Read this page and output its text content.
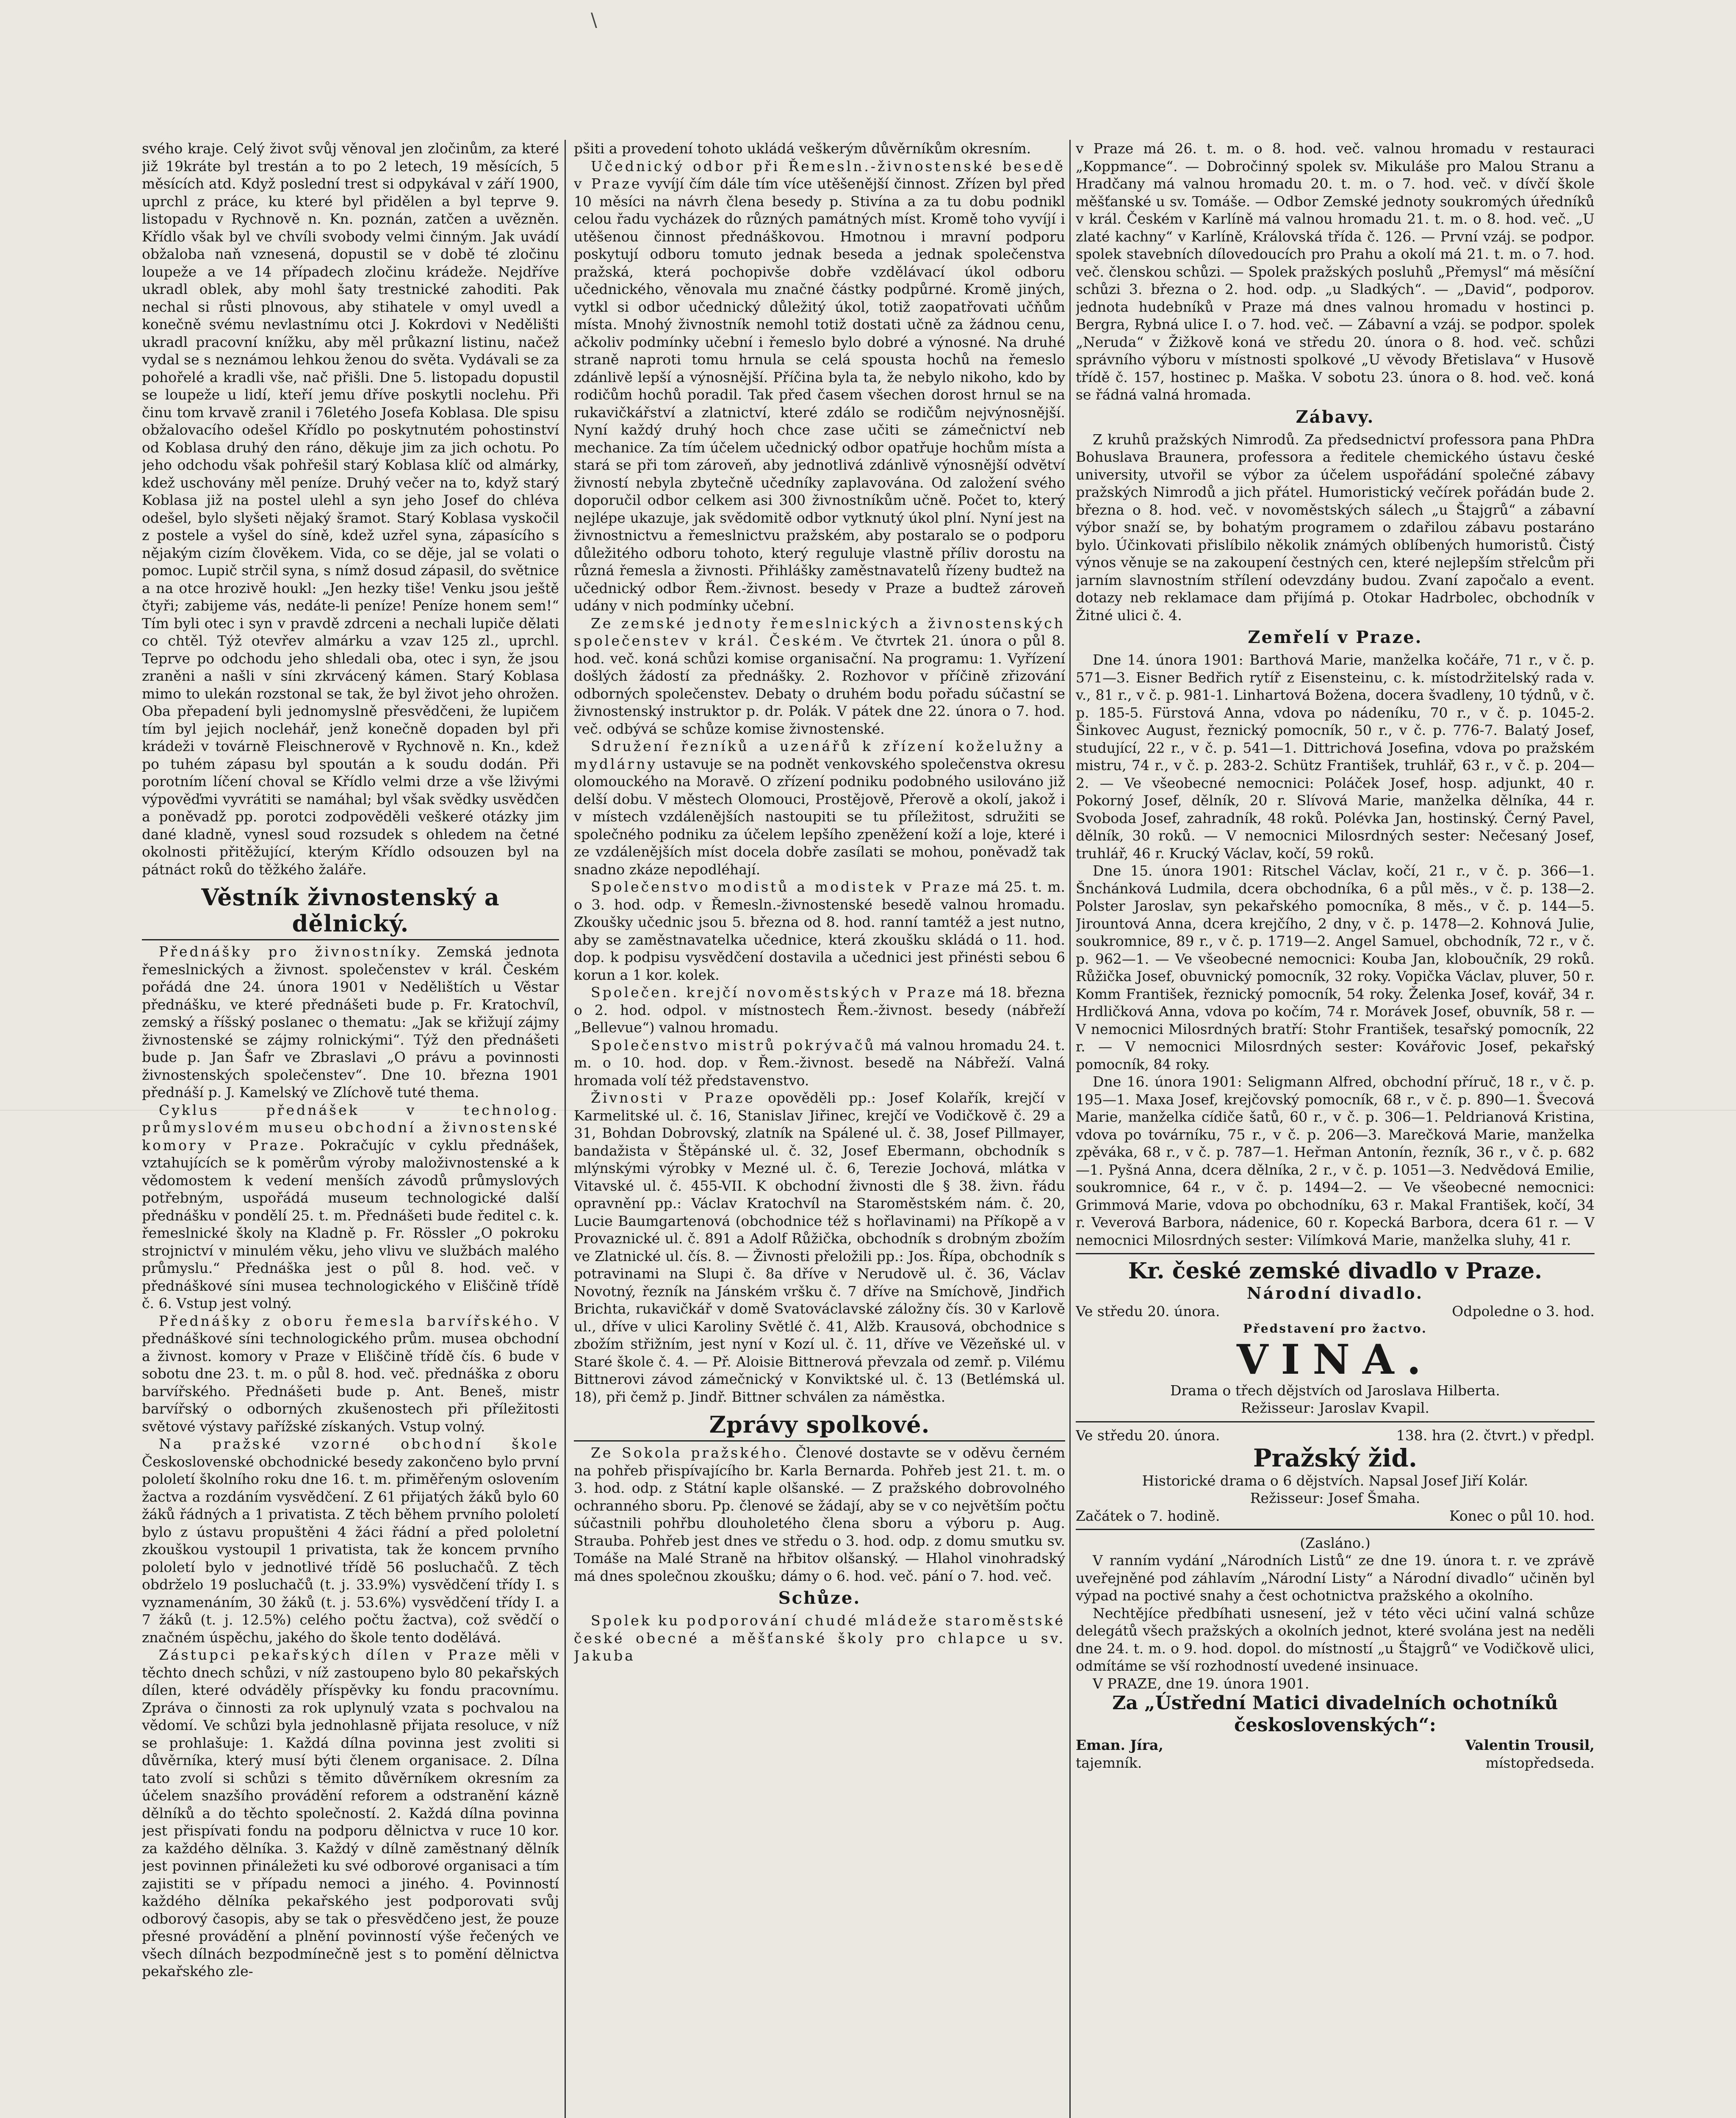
\

svého kraje. Celý život svůj věnoval jen zločinům, za které již 19kráte byl trestán a to po 2 letech, 19 měsících, 5 měsících atd. Když poslední trest si odpykával v září 1900, uprchl z práce, ku které byl přidělen a byl teprve 9. listopadu v Rychnově n. Kn. poznán, zatčen a uvězněn. Křídlo však byl ve chvíli svobody velmi činným. Jak uvádí obžaloba naň vznesená, dopustil se v době té zločinu loupeže a ve 14 případech zločinu krádeže. Nejdříve ukradl oblek, aby mohl šaty trestnické zahoditi. Pak nechal si růsti plnovous, aby stihatele v omyl uvedl a konečně svému nevlastnímu otci J. Kokrdovi v Nedělišti ukradl pracovní knížku, aby měl průkazní listinu, načež vydal se s neznámou lehkou ženou do světa. Vydávali se za pohořelé a kradli vše, nač přišli. Dne 5. listopadu dopustil se loupeže u lidí, kteří jemu dříve poskytli noclehu. Při činu tom krvavě zranil i 76letého Josefa Koblasa. Dle spisu obžalovacího odešel Křídlo po poskytnutém pohostinství od Koblasa druhý den ráno, děkuje jim za jich ochotu. Po jeho odchodu však pohřešil starý Koblasa klíč od almárky, kdež uschovány měl peníze. Druhý večer na to, když starý Koblasa již na postel ulehl a syn jeho Josef do chléva odešel, bylo slyšeti nějaký šramot. Starý Koblasa vyskočil z postele a vyšel do síně, kdež uzřel syna, zápasícího s nějakým cizím člověkem. Vida, co se děje, jal se volati o pomoc. Lupič strčil syna, s nímž dosud zápasil, do světnice a na otce hrozivě houkl: „Jen hezky tiše! Venku jsou ještě čtyři; zabijeme vás, nedáte-li peníze! Peníze honem sem!“ Tím byli otec i syn v pravdě zdrceni a nechali lupiče dělati co chtěl. Týž otevřev almárku a vzav 125 zl., uprchl. Teprve po odchodu jeho shledali oba, otec i syn, že jsou zraněni a našli v síni zkrvácený kámen. Starý Koblasa mimo to ulekán rozstonal se tak, že byl život jeho ohrožen. Oba přepadení byli jednomyslně přesvědčeni, že lupičem tím byl jejich noclehář, jenž konečně dopaden byl při krádeži v továrně Fleischnerově v Rychnově n. Kn., kdež po tuhém zápasu byl spoután a k soudu dodán. Při porotním líčení choval se Křídlo velmi drze a vše lživými výpověďmi vyvrátiti se namáhal; byl však svědky usvědčen a poněvadž pp. porotci zodpověděli veškeré otázky jim dané kladně, vynesl soud rozsudek s ohledem na četné okolnosti přitěžující, kterým Křídlo odsouzen byl na pátnáct roků do těžkého žaláře.

Věstník živnostenský a dělnický.

Přednášky pro živnostníky. Zemská jednota řemeslnických a živnost. společenstev v král. Českém pořádá dne 24. února 1901 v Nedělištích u Věstar přednášku, ve které přednášeti bude p. Fr. Kratochvíl, zemský a říšský poslanec o thematu: „Jak se křižují zájmy živnostenské se zájmy rolnickými“. Týž den přednášeti bude p. Jan Šafr ve Zbraslavi „O právu a povinnosti živnostenských společenstev“. Dne 10. března 1901 přednáší p. J. Kamelský ve Zlíchově tuté thema.

Cyklus přednášek v technolog. průmyslovém museu obchodní a živnostenské komory v Praze. Pokračujíc v cyklu přednášek, vztahujících se k poměrům výroby maloživnostenské a k vědomostem k vedení menších závodů průmyslových potřebným, uspořádá museum technologické další přednášku v pondělí 25. t. m. Přednášeti bude ředitel c. k. řemeslnické školy na Kladně p. Fr. Rössler „O pokroku strojnictví v minulém věku, jeho vlivu ve službách malého průmyslu.“ Přednáška jest o půl 8. hod. več. v přednáškové síni musea technologického v Eliščině třídě č. 6. Vstup jest volný.

Přednášky z oboru řemesla barvířského. V přednáškové síni technologického prům. musea obchodní a živnost. komory v Praze v Eliščině třídě čís. 6 bude v sobotu dne 23. t. m. o půl 8. hod. več. přednáška z oboru barvířského. Přednášeti bude p. Ant. Beneš, mistr barvířský o odborných zkušenostech při příležitosti světové výstavy pařížské získaných. Vstup volný.

Na pražské vzorné obchodní škole Československé obchodnické besedy zakončeno bylo první pololetí školního roku dne 16. t. m. přiměřeným oslovením žactva a rozdáním vysvědčení. Z 61 přijatých žáků bylo 60 žáků řádných a 1 privatista. Z těch během prvního pololetí bylo z ústavu propuštěni 4 žáci řádní a před pololetní zkouškou vystoupil 1 privatista, tak že koncem prvního pololetí bylo v jednotlivé třídě 56 posluchačů. Z těch obdrželo 19 posluchačů (t. j. 33.9%) vysvědčení třídy I. s vyznamenáním, 30 žáků (t. j. 53.6%) vysvědčení třídy I. a 7 žáků (t. j. 12.5%) celého počtu žactva), což svědčí o značném úspěchu, jakého do škole tento dodělává.

Zástupci pekařských dílen v Praze měli v těchto dnech schůzi, v níž zastoupeno bylo 80 pekařských dílen, které odváděly příspěvky ku fondu pracovnímu. Zpráva o činnosti za rok uplynulý vzata s pochvalou na vědomí. Ve schůzi byla jednohlasně přijata resoluce, v níž se prohlašuje: 1. Každá dílna povinna jest zvoliti si důvěrníka, který musí býti členem organisace. 2. Dílna tato zvolí si schůzi s těmito důvěrníkem okresním za účelem snazšího provádění reforem a odstranění kázně dělníků a do těchto společností. 2. Každá dílna povinna jest přispívati fondu na podporu dělnictva v ruce 10 kor. za každého dělníka. 3. Každý v dílně zaměstnaný dělník jest povinnen přináležeti ku své odborové organisaci a tím zajistiti se v případu nemoci a jiného. 4. Povinností každého dělníka pekařského jest podporovati svůj odborový časopis, aby se tak o přesvědčeno jest, že pouze přesné provádění a plnění povinností výše řečených ve všech dílnách bezpodmínečně jest s to pomění dělnictva pekařského zle-

pšiti a provedení tohoto ukládá veškerým důvěrníkům okresním.

Učednický odbor při Řemesln.-živnostenské besedě v Praze vyvíjí čím dále tím více utěšenější činnost. Zřízen byl před 10 měsíci na návrh člena besedy p. Stivína a za tu dobu podnikl celou řadu vycházek do různých památných míst. Kromě toho vyvíjí i utěšenou činnost přednáškovou. Hmotnou i mravní podporu poskytují odboru tomuto jednak beseda a jednak společenstva pražská, která pochopivše dobře vzdělávací úkol odboru učednického, věnovala mu značné částky podpůrné. Kromě jiných, vytkl si odbor učednický důležitý úkol, totiž zaopatřovati učňům místa. Mnohý živnostník nemohl totiž dostati učně za žádnou cenu, ačkoliv podmínky učební i řemeslo bylo dobré a výnosné. Na druhé straně naproti tomu hrnula se celá spousta hochů na řemeslo zdánlivě lepší a výnosnější. Příčina byla ta, že nebylo nikoho, kdo by rodičům hochů poradil. Tak před časem všechen dorost hrnul se na rukavičkářství a zlatnictví, které zdálo se rodičům nejvýnosnější. Nyní každý druhý hoch chce zase učiti se zámečnictví neb mechanice. Za tím účelem učednický odbor opatřuje hochům místa a stará se při tom zároveň, aby jednotlivá zdánlivě výnosnější odvětví živností nebyla zbytečně učedníky zaplavována. Od založení svého doporučil odbor celkem asi 300 živnostníkům učně. Počet to, který nejlépe ukazuje, jak svědomitě odbor vytknutý úkol plní. Nyní jest na živnostnictvu a řemeslnictvu pražském, aby postaralo se o podporu důležitého odboru tohoto, který reguluje vlastně příliv dorostu na různá řemesla a živnosti. Přihlášky zaměstnavatelů řízeny budtež na učednický odbor Řem.-živnost. besedy v Praze a budtež zároveň udány v nich podmínky učební.

Ze zemské jednoty řemeslnických a živnostenských společenstev v král. Českém. Ve čtvrtek 21. února o půl 8. hod. več. koná schůzi komise organisační. Na programu: 1. Vyřízení došlých žádostí za přednášky. 2. Rozhovor v příčině zřizování odborných společenstev. Debaty o druhém bodu pořadu súčastní se živnostenský instruktor p. dr. Polák. V pátek dne 22. února o 7. hod. več. odbývá se schůze komise živnostenské.

Sdružení řezníků a uzenářů k zřízení koželužny a mydlárny ustavuje se na podnět venkovského společenstva okresu olomouckého na Moravě. O zřízení podniku podobného usilováno již delší dobu. V městech Olomouci, Prostějově, Přerově a okolí, jakož i v místech vzdálenějších nastoupiti se tu příležitost, sdružiti se společného podniku za účelem lepšího zpeněžení koží a loje, které i ze vzdálenějších míst docela dobře zasílati se mohou, poněvadž tak snadno zkáze nepodléhají.

Společenstvo modistů a modistek v Praze má 25. t. m. o 3. hod. odp. v Řemesln.-živnostenské besedě valnou hromadu. Zkoušky učednic jsou 5. března od 8. hod. ranní tamtéž a jest nutno, aby se zaměstnavatelka učednice, která zkoušku skládá o 11. hod. dop. k podpisu vysvědčení dostavila a učednici jest přinésti sebou 6 korun a 1 kor. kolek.

Společen. krejčí novoměstských v Praze má 18. března o 2. hod. odpol. v místnostech Řem.-živnost. besedy (nábřeží „Bellevue“) valnou hromadu.

Společenstvo mistrů pokrývačů má valnou hromadu 24. t. m. o 10. hod. dop. v Řem.-živnost. besedě na Nábřeží. Valná hromada volí též představenstvo.

Živnosti v Praze opověděli pp.: Josef Kolařík, krejčí v Karmelitské ul. č. 16, Stanislav Jiřinec, krejčí ve Vodičkově č. 29 a 31, Bohdan Dobrovský, zlatník na Spálené ul. č. 38, Josef Pillmayer, bandažista v Štěpánské ul. č. 32, Josef Ebermann, obchodník s mlýnskými výrobky v Mezné ul. č. 6, Terezie Jochová, mlátka v Vitavské ul. č. 455-VII. K obchodní živnosti dle § 38. živn. řádu opravnění pp.: Václav Kratochvíl na Staroměstském nám. č. 20, Lucie Baumgartenová (obchodnice též s hořlavinami) na Příkopě a v Provaznické ul. č. 891 a Adolf Růžička, obchodník s drobným zbožím ve Zlatnické ul. čís. 8. — Živnosti přeložili pp.: Jos. Řípa, obchodník s potravinami na Slupi č. 8a dříve v Nerudově ul. č. 36, Václav Novotný, řezník na Jánském vršku č. 7 dříve na Smíchově, Jindřich Brichta, rukavičkář v domě Svatováclavské záložny čís. 30 v Karlově ul., dříve v ulici Karoliny Světlé č. 41, Alžb. Krausová, obchodnice s zbožím střižním, jest nyní v Kozí ul. č. 11, dříve ve Vězeňské ul. v Staré škole č. 4. — Př. Aloisie Bittnerová převzala od zemř. p. Vilému Bittnerovi závod zámečnický v Konviktské ul. č. 13 (Betlémská ul. 18), při čemž p. Jindř. Bittner schválen za náměstka.

Zprávy spolkové.

Ze Sokola pražského. Členové dostavte se v oděvu černém na pohřeb přispívajícího br. Karla Bernarda. Pohřeb jest 21. t. m. o 3. hod. odp. z Státní kaple olšanské. — Z pražského dobrovolného ochranného sboru. Pp. členové se žádají, aby se v co největším počtu súčastnili pohřbu dlouholetého člena sboru a výboru p. Aug. Strauba. Pohřeb jest dnes ve středu o 3. hod. odp. z domu smutku sv. Tomáše na Malé Straně na hřbitov olšanský. — Hlahol vinohradský má dnes společnou zkoušku; dámy o 6. hod. več. pání o 7. hod. več.

Schůze.

Spolek ku podporování chudé mládeže staroměstské české obecné a měšťanské školy pro chlapce u sv. Jakuba

v Praze má 26. t. m. o 8. hod. več. valnou hromadu v restauraci „Koppmance“. — Dobročinný spolek sv. Mikuláše pro Malou Stranu a Hradčany má valnou hromadu 20. t. m. o 7. hod. več. v dívčí škole měšťanské u sv. Tomáše. — Odbor Zemské jednoty soukromých úředníků v král. Českém v Karlíně má valnou hromadu 21. t. m. o 8. hod. več. „U zlaté kachny“ v Karlíně, Královská třída č. 126. — První vzáj. se podpor. spolek stavebních dílovedoucích pro Prahu a okolí má 21. t. m. o 7. hod. več. členskou schůzi. — Spolek pražských posluhů „Přemysl“ má měsíční schůzi 3. března o 2. hod. odp. „u Sladkých“. — „David“, podporov. jednota hudebníků v Praze má dnes valnou hromadu v hostinci p. Bergra, Rybná ulice I. o 7. hod. več. — Zábavní a vzáj. se podpor. spolek „Neruda“ v Žižkově koná ve středu 20. února o 8. hod. več. schůzi správního výboru v místnosti spolkové „U věvody Břetislava“ v Husově třídě č. 157, hostinec p. Maška. V sobotu 23. února o 8. hod. več. koná se řádná valná hromada.

Zábavy.

Z kruhů pražských Nimrodů. Za předsednictví professora pana PhDra Bohuslava Braunera, professora a ředitele chemického ústavu české university, utvořil se výbor za účelem uspořádání společné zábavy pražských Nimrodů a jich přátel. Humoristický večírek pořádán bude 2. března o 8. hod. več. v novoměstských sálech „u Štajgrů“ a zábavní výbor snaží se, by bohatým programem o zdařilou zábavu postaráno bylo. Účinkovati přislíbilo několik známých oblíbených humoristů. Čistý výnos věnuje se na zakoupení čestných cen, které nejlepším střelcům při jarním slavnostním střílení odevzdány budou. Zvaní započalo a event. dotazy neb reklamace dam přijímá p. Otokar Hadrbolec, obchodník v Žitné ulici č. 4.

Zemřelí v Praze.

Dne 14. února 1901: Barthová Marie, manželka kočáře, 71 r., v č. p. 571—3. Eisner Bedřich rytíř z Eisensteinu, c. k. místodržitelský rada v. v., 81 r., v č. p. 981-1. Linhartová Božena, docera švadleny, 10 týdnů, v č. p. 185-5. Fürstová Anna, vdova po nádeníku, 70 r., v č. p. 1045-2. Šinkovec August, řeznický pomocník, 50 r., v č. p. 776-7. Balatý Josef, studující, 22 r., v č. p. 541—1. Dittrichová Josefina, vdova po pražském mistru, 74 r., v č. p. 283-2. Schütz František, truhlář, 63 r., v č. p. 204—2. — Ve všeobecné nemocnici: Poláček Josef, hosp. adjunkt, 40 r. Pokorný Josef, dělník, 20 r. Slívová Marie, manželka dělníka, 44 r. Svoboda Josef, zahradník, 48 roků. Polévka Jan, hostinský. Černý Pavel, dělník, 30 roků. — V nemocnici Milosrdných sester: Nečesaný Josef, truhlář, 46 r. Krucký Václav, kočí, 59 roků.

Dne 15. února 1901: Ritschel Václav, kočí, 21 r., v č. p. 366—1. Šnchánková Ludmila, dcera obchodníka, 6 a půl měs., v č. p. 138—2. Polster Jaroslav, syn pekařského pomocníka, 8 měs., v č. p. 144—5. Jirountová Anna, dcera krejčího, 2 dny, v č. p. 1478—2. Kohnová Julie, soukromnice, 89 r., v č. p. 1719—2. Angel Samuel, obchodník, 72 r., v č. p. 962—1. — Ve všeobecné nemocnici: Kouba Jan, kloboučník, 29 roků. Růžička Josef, obuvnický pomocník, 32 roky. Vopička Václav, pluver, 50 r. Komm František, řeznický pomocník, 54 roky. Želenka Josef, kovář, 34 r. Hrdličková Anna, vdova po kočím, 74 r. Morávek Josef, obuvník, 58 r. — V nemocnici Milosrdných bratří: Stohr František, tesařský pomocník, 22 r. — V nemocnici Milosrdných sester: Kovářovic Josef, pekařský pomocník, 84 roky.

Dne 16. února 1901: Seligmann Alfred, obchodní příruč, 18 r., v č. p. 195—1. Maxa Josef, krejčovský pomocník, 68 r., v č. p. 890—1. Švecová Marie, manželka cídiče šatů, 60 r., v č. p. 306—1. Peldrianová Kristina, vdova po továrníku, 75 r., v č. p. 206—3. Marečková Marie, manželka zpěváka, 68 r., v č. p. 787—1. Heřman Antonín, řezník, 36 r., v č. p. 682—1. Pyšná Anna, dcera dělníka, 2 r., v č. p. 1051—3. Nedvědová Emilie, soukromnice, 64 r., v č. p. 1494—2. — Ve všeobecné nemocnici: Grimmová Marie, vdova po obchodníku, 63 r. Makal František, kočí, 34 r. Veverová Barbora, nádenice, 60 r. Kopecká Barbora, dcera 61 r. — V nemocnici Milosrdných sester: Vilímková Marie, manželka sluhy, 41 r.

Kr. české zemské divadlo v Praze.
Národní divadlo.
Ve středu 20. února.	Odpoledne o 3. hod.
Představení pro žactvo.
VINA.
Drama o třech dějstvích od Jaroslava Hilberta.
Režisseur: Jaroslav Kvapil.
Ve středu 20. února.	138. hra (2. čtvrt.) v předpl.
Pražský žid.
Historické drama o 6 dějstvích. Napsal Josef Jiří Kolár.
Režisseur: Josef Šmaha.
Začátek o 7. hodině.	Konec o půl 10. hod.
(Zasláno.)

V ranním vydání „Národních Listů“ ze dne 19. února t. r. ve zprávě uveřejněné pod záhlavím „Národní Listy“ a Národní divadlo“ učiněn byl výpad na poctivé snahy a čest ochotnictva pražského a okolního.

Nechtějíce předbíhati usnesení, jež v této věci učiní valná schůze delegátů všech pražských a okolních jednot, které svolána jest na neděli dne 24. t. m. o 9. hod. dopol. do místností „u Štajgrů“ ve Vodičkově ulici, odmítáme se vší rozhodností uvedené insinuace.

V PRAZE, dne 19. února 1901.

Za „Ústřední Matici divadelních ochotníků československých“:
Eman. Jíra,	Valentin Trousil,
tajemník.	místopředseda.
